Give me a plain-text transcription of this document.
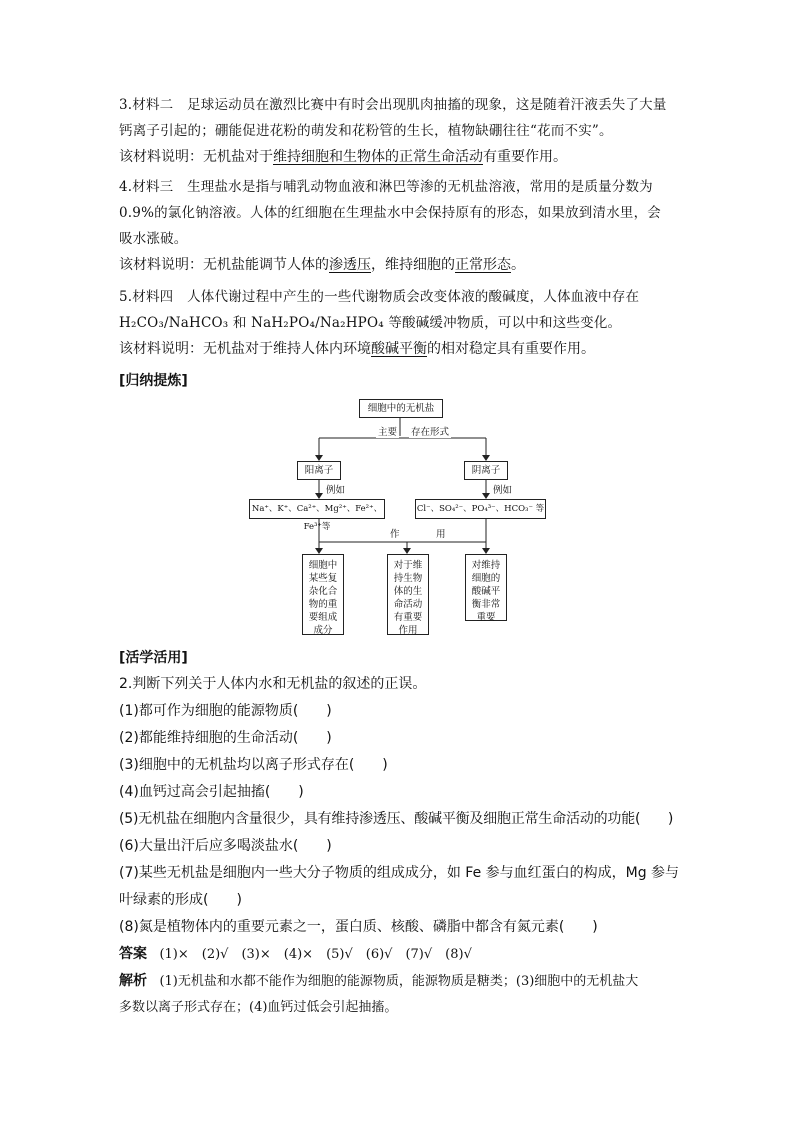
3.材料二　足球运动员在激烈比赛中有时会出现肌肉抽搐的现象，这是随着汗液丢失了大量

钙离子引起的；硼能促进花粉的萌发和花粉管的生长，植物缺硼往往“花而不实”。

该材料说明：无机盐对于维持细胞和生物体的正常生命活动有重要作用。

4.材料三　生理盐水是指与哺乳动物血液和淋巴等渗的无机盐溶液，常用的是质量分数为

0.9%的氯化钠溶液。人体的红细胞在生理盐水中会保持原有的形态，如果放到清水里，会

吸水涨破。

该材料说明：无机盐能调节人体的渗透压，维持细胞的正常形态。

5.材料四　人体代谢过程中产生的一些代谢物质会改变体液的酸碱度，人体血液中存在

H₂CO₃/NaHCO₃ 和 NaH₂PO₄/Na₂HPO₄ 等酸碱缓冲物质，可以中和这些变化。

该材料说明：无机盐对于维持人体内环境酸碱平衡的相对稳定具有重要作用。

[归纳提炼]
细胞中的无机盐
主要 存在形式
阳离子	阴离子
例如	例如
Na⁺、K⁺、Ca²⁺、Mg²⁺、Fe²⁺、Fe³⁺等
Cl⁻、SO₄²⁻、PO₄³⁻、HCO₃⁻ 等
作	用
细胞中某些复杂化合物的重要组成成分
对于维持生物体的生命活动有重要作用
对维持细胞的酸碱平衡非常重要
[活学活用]
2.判断下列关于人体内水和无机盐的叙述的正误。
(1)都可作为细胞的能源物质(　　)
(2)都能维持细胞的生命活动(　　)
(3)细胞中的无机盐均以离子形式存在(　　)
(4)血钙过高会引起抽搐(　　)
(5)无机盐在细胞内含量很少，具有维持渗透压、酸碱平衡及细胞正常生命活动的功能(　　)
(6)大量出汗后应多喝淡盐水(　　)
(7)某些无机盐是细胞内一些大分子物质的组成成分，如 Fe 参与血红蛋白的构成，Mg 参与
叶绿素的形成(　　)
(8)氮是植物体内的重要元素之一，蛋白质、核酸、磷脂中都含有氮元素(　　)
答案 (1)×　(2)√　(3)×　(4)×　(5)√　(6)√　(7)√　(8)√
解析 (1)无机盐和水都不能作为细胞的能源物质，能源物质是糖类；(3)细胞中的无机盐大
多数以离子形式存在；(4)血钙过低会引起抽搐。
